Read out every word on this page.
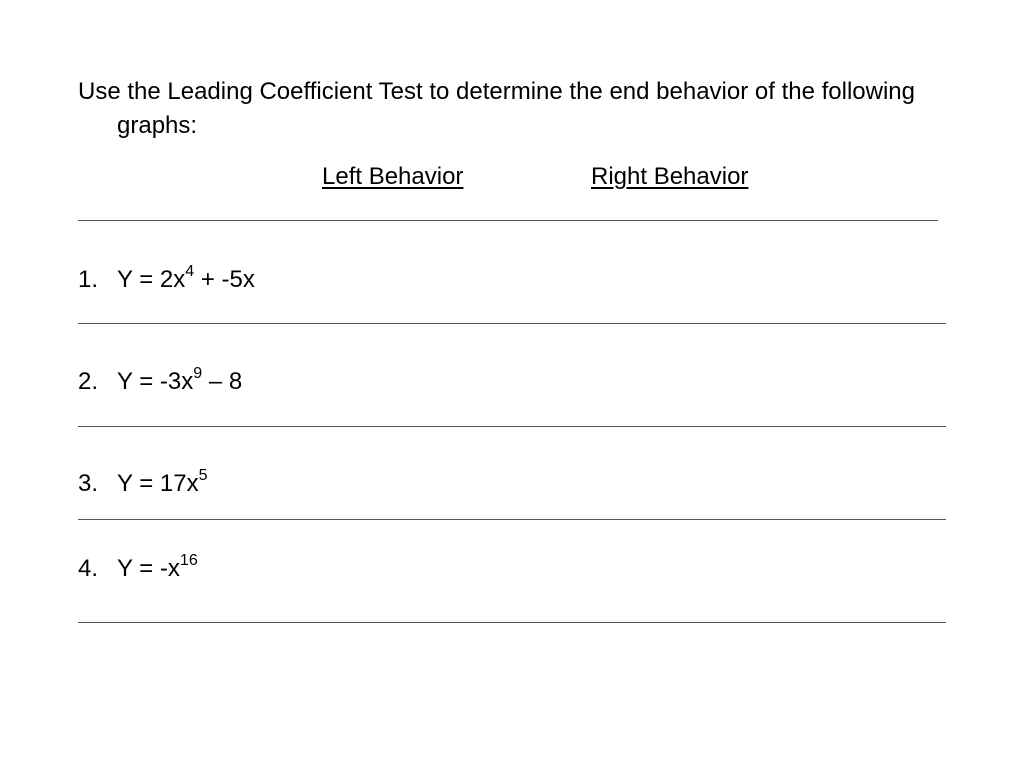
Use the Leading Coefficient Test to determine the end behavior of the following graphs:
Left Behavior	Right Behavior
1. $Y = 2x^4 + -5x$
2. $Y = -3x^9 - 8$
3. $Y = 17x^5$
4. $Y = -x^{16}$
